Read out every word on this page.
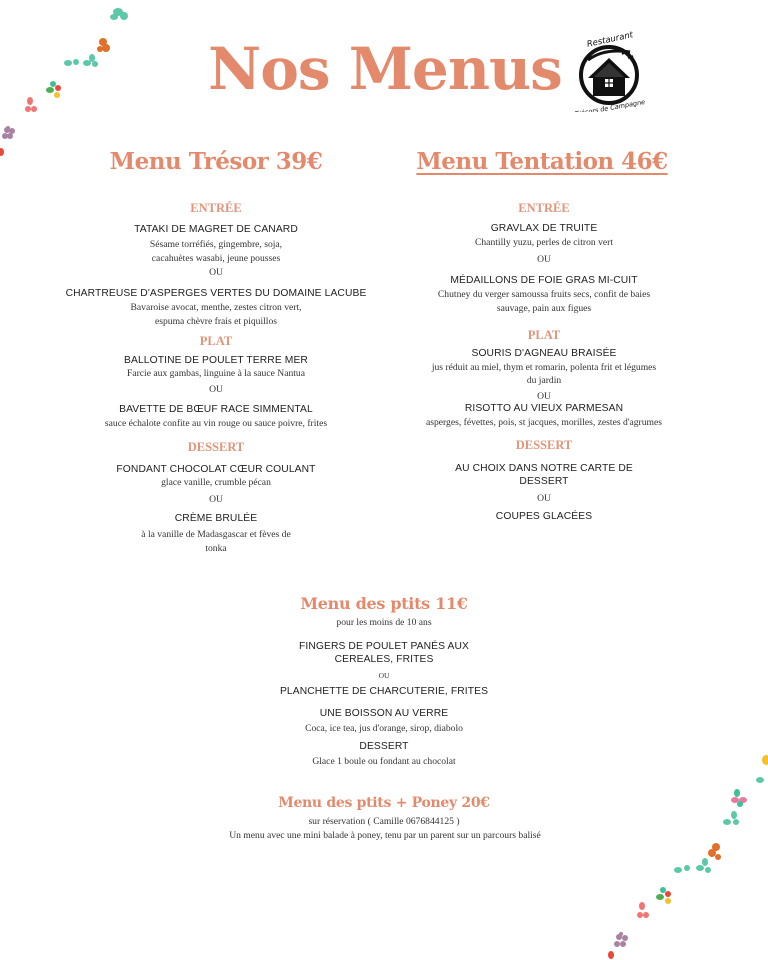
Nos Menus	Restaurant
Trésors de Campagne
Menu Trésor 39€
ENTRÉE
TATAKI DE MAGRET DE CANARD
Sésame torréfiés, gingembre, soja,
cacahuètes wasabi, jeune pousses
OU
CHARTREUSE D'ASPERGES VERTES DU DOMAINE LACUBE
Bavaroise avocat, menthe, zestes citron vert,
espuma chèvre frais et piquillos
PLAT
BALLOTINE DE POULET TERRE MER
Farcie aux gambas, linguine à la sauce Nantua
OU
BAVETTE DE BŒUF RACE SIMMENTAL
sauce échalote confite au vin rouge ou sauce poivre, frites
DESSERT
FONDANT CHOCOLAT CŒUR COULANT
glace vanille, crumble pécan
OU
CRÈME BRULÉE
à la vanille de Madasgascar et fèves de
tonka
Menu Tentation 46€
ENTRÉE
GRAVLAX DE TRUITE
Chantilly yuzu, perles de citron vert
OU
MÉDAILLONS DE FOIE GRAS MI-CUIT
Chutney du verger samoussa fruits secs, confit de baies
sauvage, pain aux figues
PLAT
SOURIS D'AGNEAU BRAISÉE
jus réduit au miel, thym et romarin, polenta frit et légumes
du jardin
OU
RISOTTO AU VIEUX PARMESAN
asperges, févettes, pois, st jacques, morilles, zestes d'agrumes
DESSERT
AU CHOIX DANS NOTRE CARTE DE
DESSERT
OU
COUPES GLACÉES
Menu des ptits 11€
pour les moins de 10 ans
FINGERS DE POULET PANÉS AUX
CEREALES, FRITES
OU
PLANCHETTE DE CHARCUTERIE, FRITES
UNE BOISSON AU VERRE
Coca, ice tea, jus d'orange, sirop, diabolo
DESSERT
Glace 1 boule ou fondant au chocolat
Menu des ptits + Poney 20€
sur réservation ( Camille 0676844125 )
Un menu avec une mini balade à poney, tenu par un parent sur un parcours balisé
